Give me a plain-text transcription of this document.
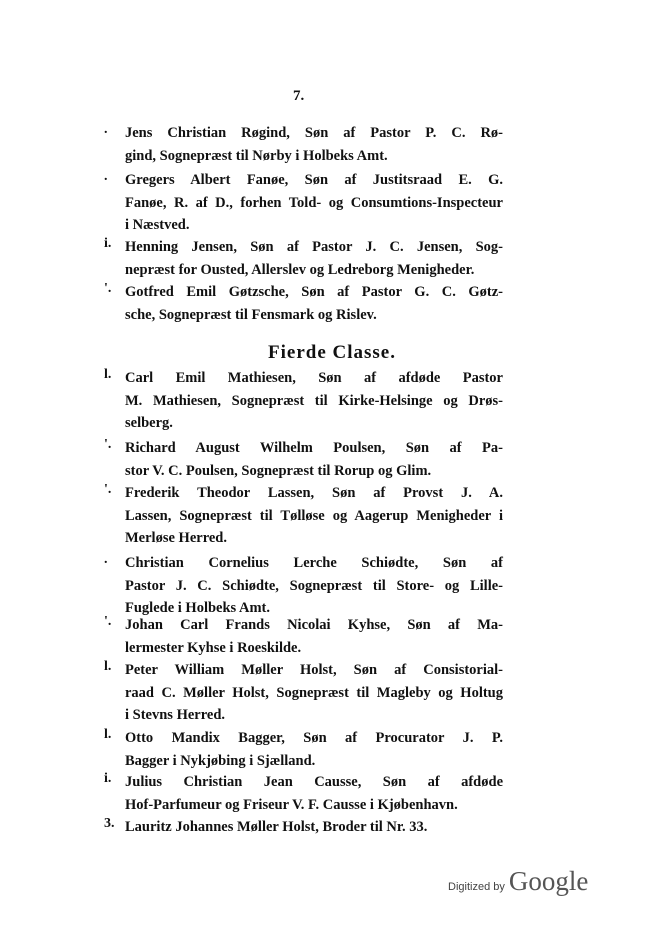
7.
Fierde Classe.
. Jens Christian Røgind, Søn af Pastor P. C. Rø-
gind, Sognepræst til Nørby i Holbeks Amt.
. Gregers Albert Fanøe, Søn af Justitsraad E. G.
Fanøe, R. af D., forhen Told- og Consumtions-Inspecteur
i Næstved.
i. Henning Jensen, Søn af Pastor J. C. Jensen, Sog-
nepræst for Ousted, Allerslev og Ledreborg Menigheder.
'. Gotfred Emil Gøtzsche, Søn af Pastor G. C. Gøtz-
sche, Sognepræst til Fensmark og Rislev.
l. Carl Emil Mathiesen, Søn af afdøde Pastor
M. Mathiesen, Sognepræst til Kirke-Helsinge og Drøs-
selberg.
'. Richard August Wilhelm Poulsen, Søn af Pa-
stor V. C. Poulsen, Sognepræst til Rorup og Glim.
'. Frederik Theodor Lassen, Søn af Provst J. A.
Lassen, Sognepræst til Tølløse og Aagerup Menigheder i
Merløse Herred.
. Christian Cornelius Lerche Schiødte, Søn af
Pastor J. C. Schiødte, Sognepræst til Store- og Lille-
Fuglede i Holbeks Amt.
'. Johan Carl Frands Nicolai Kyhse, Søn af Ma-
lermester Kyhse i Roeskilde.
l. Peter William Møller Holst, Søn af Consistorial-
raad C. Møller Holst, Sognepræst til Magleby og Holtug
i Stevns Herred.
l. Otto Mandix Bagger, Søn af Procurator J. P.
Bagger i Nykjøbing i Sjælland.
i. Julius Christian Jean Causse, Søn af afdøde
Hof-Parfumeur og Friseur V. F. Causse i Kjøbenhavn.
3. Lauritz Johannes Møller Holst, Broder til Nr. 33.
Digitized by Google
